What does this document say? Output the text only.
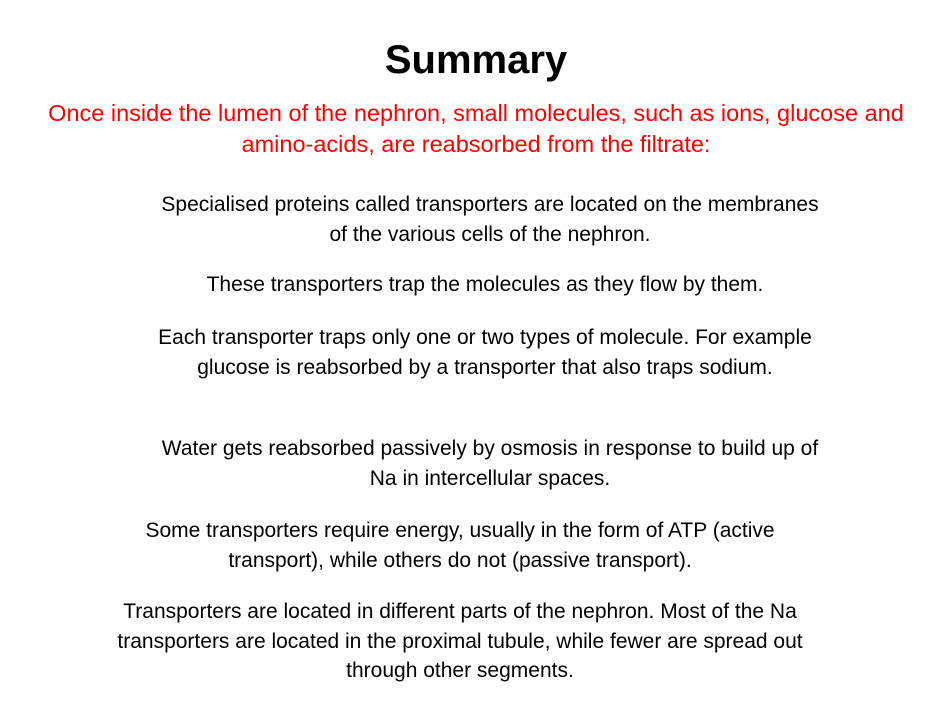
Summary
Once inside the lumen of the nephron, small molecules, such as ions, glucose and amino-acids, are reabsorbed from the filtrate:
Specialised proteins called transporters are located on the membranes of the various cells of the nephron.
These transporters trap the molecules as they flow by them.
Each transporter traps only one or two types of molecule. For example glucose is reabsorbed by a transporter that also traps sodium.
Water gets reabsorbed passively by osmosis in response to build up of Na in intercellular spaces.
Some transporters require energy, usually in the form of ATP (active transport), while others do not (passive transport).
Transporters are located in different parts of the nephron. Most of the Na transporters are located in the proximal tubule, while fewer are spread out through other segments.
